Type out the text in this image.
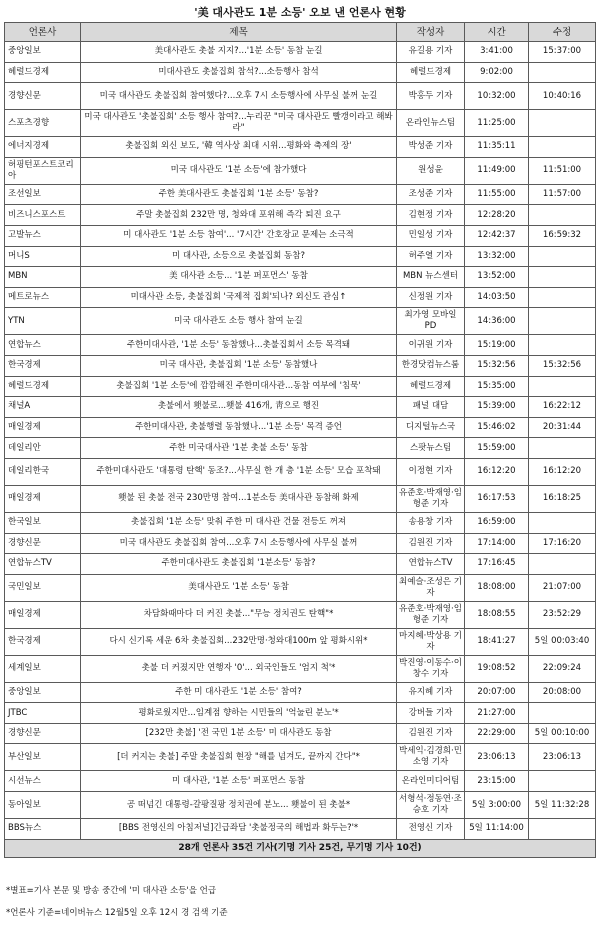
'美 대사관도 1분 소등' 오보 낸 언론사 현황
언론사	제목	작성자	시간	수정
중앙일보	美대사관도 촛불 지지?...'1분 소등' 동참 눈길	유길용 기자	3:41:00	15:37:00
헤럴드경제	미대사관도 촛불집회 참석?...소등행사 참석	헤럴드경제	9:02:00	
경향신문	미국 대사관도 촛불집회 참여했다?...오후 7시 소등행사에 사무실 불꺼 눈길	박홍두 기자	10:32:00	10:40:16
스포츠경향	미국 대사관도 '촛불집회' 소등 행사 참여?...누리꾼 "미국 대사관도 빨갱이라고 해봐라"	온라인뉴스팀	11:25:00	
에너지경제	촛불집회 외신 보도, '韓 역사상 최대 시위...평화와 축제의 장'	박성준 기자	11:35:11	
허핑턴포스트코리아	미국 대사관도 '1분 소등'에 참가했다	원성윤	11:49:00	11:51:00
조선일보	주한 美대사관도 촛불집회 '1분 소등' 동참?	조성준 기자	11:55:00	11:57:00
비즈니스포스트	주말 촛불집회 232만 명, 청와대 포위해 즉각 퇴진 요구	김현정 기자	12:28:20	
고발뉴스	미 대사관도 '1분 소등 참여'... '7시간' 간호장교 문제는 소극적	민일성 기자	12:42:37	16:59:32
머니S	미 대사관, 소등으로 촛불집회 동참?	허주열 기자	13:32:00	
MBN	美 대사관 소등... '1분 퍼포먼스' 동참	MBN 뉴스센터	13:52:00	
메트로뉴스	미대사관 소등, 촛불집회 '국제적 집회'되나? 외신도 관심↑	신정원 기자	14:03:50	
YTN	미국 대사관도 소등 행사 참여 눈길	최가영 모바일PD	14:36:00	
연합뉴스	주한미대사관, '1분 소등' 동참했나...촛불집회서 소등 목격돼	이귀원 기자	15:19:00	
한국경제	미국 대사관, 촛불집회 '1분 소등' 동참했나	한경닷컴뉴스룸	15:32:56	15:32:56
헤럴드경제	촛불집회 '1분 소등'에 깜깜해진 주한미대사관...동참 여부에 '침묵'	헤럴드경제	15:35:00	
채널A	촛불에서 횃불로...횃불 416개, 靑으로 행진	패널 대담	15:39:00	16:22:12
매일경제	주한미대사관, 촛불행렬 동참했나...'1분 소등' 목격 증언	디지털뉴스국	15:46:02	20:31:44
데일리안	주한 미국대사관 '1분 촛불 소등' 동참	스팟뉴스팀	15:59:00	
데일리한국	주한미대사관도 '대통령 탄핵' 동조?...사무실 한 개 층 '1분 소등' 모습 포착돼	이정현 기자	16:12:20	16:12:20
매일경제	횃불 된 촛불 전국 230만명 참여...1분소등 美대사관 동참해 화제	유준호·박재영·임형준 기자	16:17:53	16:18:25
한국일보	촛불집회 '1분 소등' 맞춰 주한 미 대사관 건물 전등도 꺼져	송용창 기자	16:59:00	
경향신문	미국 대사관도 촛불집회 참여...오후 7시 소등행사에 사무실 불꺼	김원진 기자	17:14:00	17:16:20
연합뉴스TV	주한미대사관도 촛불집회 '1분소등' 동참?	연합뉴스TV	17:16:45	
국민일보	美대사관도 '1분 소등' 동참	최예슬·조성은 기자	18:08:00	21:07:00
매일경제	차담화때마다 더 커진 촛불..."무능 정치권도 탄핵"*	유준호·박재영·임형준 기자	18:08:55	23:52:29
한국경제	다시 신기록 세운 6차 촛불집회...232만명·청와대100m 앞 평화시위*	마지혜·박상용 기자	18:41:27	5일 00:03:40
세계일보	촛불 더 커졌지만 연행자 '0'... 외국인들도 '엄지 척'*	박진영·이동수·이창수 기자	19:08:52	22:09:24
중앙일보	주한 미 대사관도 '1분 소등' 참여?	유지혜 기자	20:07:00	20:08:00
JTBC	평화로웠지만...임계점 향하는 시민들의 '억눌린 분노'*	강버들 기자	21:27:00	
경향신문	[232만 촛불] '전 국민 1분 소등' 미 대사관도 동참	김원진 기자	22:29:00	5일 00:10:00
부산일보	[더 커지는 촛불] 주말 촛불집회 현장 "해를 넘겨도, 끝까지 간다"*	박세익·김경희·민소영 기자	23:06:13	23:06:13
시선뉴스	미 대사관, '1분 소등' 퍼포먼스 동참	온라인미디어팀	23:15:00	
동아일보	공 떠넘긴 대통령-갈팡질팡 정치권에 분노... 횃불이 된 촛불*	서형석·정동연·조승호 기자	5일 3:00:00	5일 11:32:28
BBS뉴스	[BBS 전영신의 아침저널]긴급좌담 '촛불정국의 해법과 화두는?'*	전영신 기자	5일 11:14:00	
28개 언론사 35건 기사(기명 기사 25건, 무기명 기사 10건)				
*별표=기사 본문 및 방송 중간에 '미 대사관 소등'을 언급
*언론사 기준=네이버뉴스 12월5일 오후 12시 경 검색 기준
